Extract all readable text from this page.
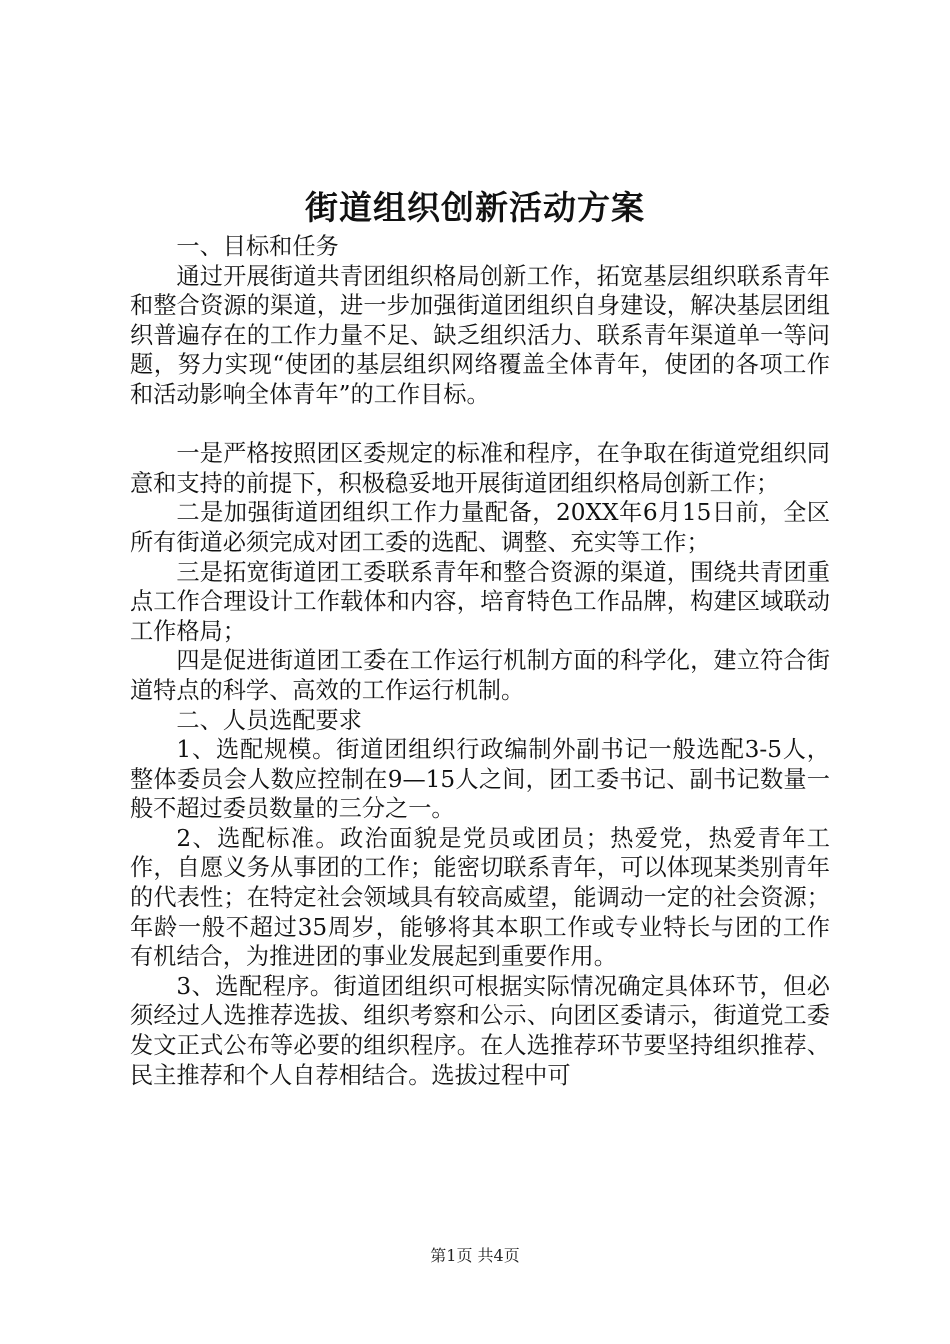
街道组织创新活动方案

一、目标和任务

通过开展街道共青团组织格局创新工作，拓宽基层组织联系青年和整合资源的渠道，进一步加强街道团组织自身建设，解决基层团组织普遍存在的工作力量不足、缺乏组织活力、联系青年渠道单一等问题，努力实现“使团的基层组织网络覆盖全体青年，使团的各项工作和活动影响全体青年”的工作目标。

一是严格按照团区委规定的标准和程序，在争取在街道党组织同意和支持的前提下，积极稳妥地开展街道团组织格局创新工作；

二是加强街道团组织工作力量配备，20XX年6月15日前，全区所有街道必须完成对团工委的选配、调整、充实等工作；

三是拓宽街道团工委联系青年和整合资源的渠道，围绕共青团重点工作合理设计工作载体和内容，培育特色工作品牌，构建区域联动工作格局；

四是促进街道团工委在工作运行机制方面的科学化，建立符合街道特点的科学、高效的工作运行机制。

二、人员选配要求

1、选配规模。街道团组织行政编制外副书记一般选配3-5人，整体委员会人数应控制在9—15人之间，团工委书记、副书记数量一般不超过委员数量的三分之一。

2、选配标准。政治面貌是党员或团员；热爱党，热爱青年工作，自愿义务从事团的工作；能密切联系青年，可以体现某类别青年的代表性；在特定社会领域具有较高威望，能调动一定的社会资源；年龄一般不超过35周岁，能够将其本职工作或专业特长与团的工作有机结合，为推进团的事业发展起到重要作用。

3、选配程序。街道团组织可根据实际情况确定具体环节，但必须经过人选推荐选拔、组织考察和公示、向团区委请示，街道党工委发文正式公布等必要的组织程序。在人选推荐环节要坚持组织推荐、民主推荐和个人自荐相结合。选拔过程中可

第1页 共4页
